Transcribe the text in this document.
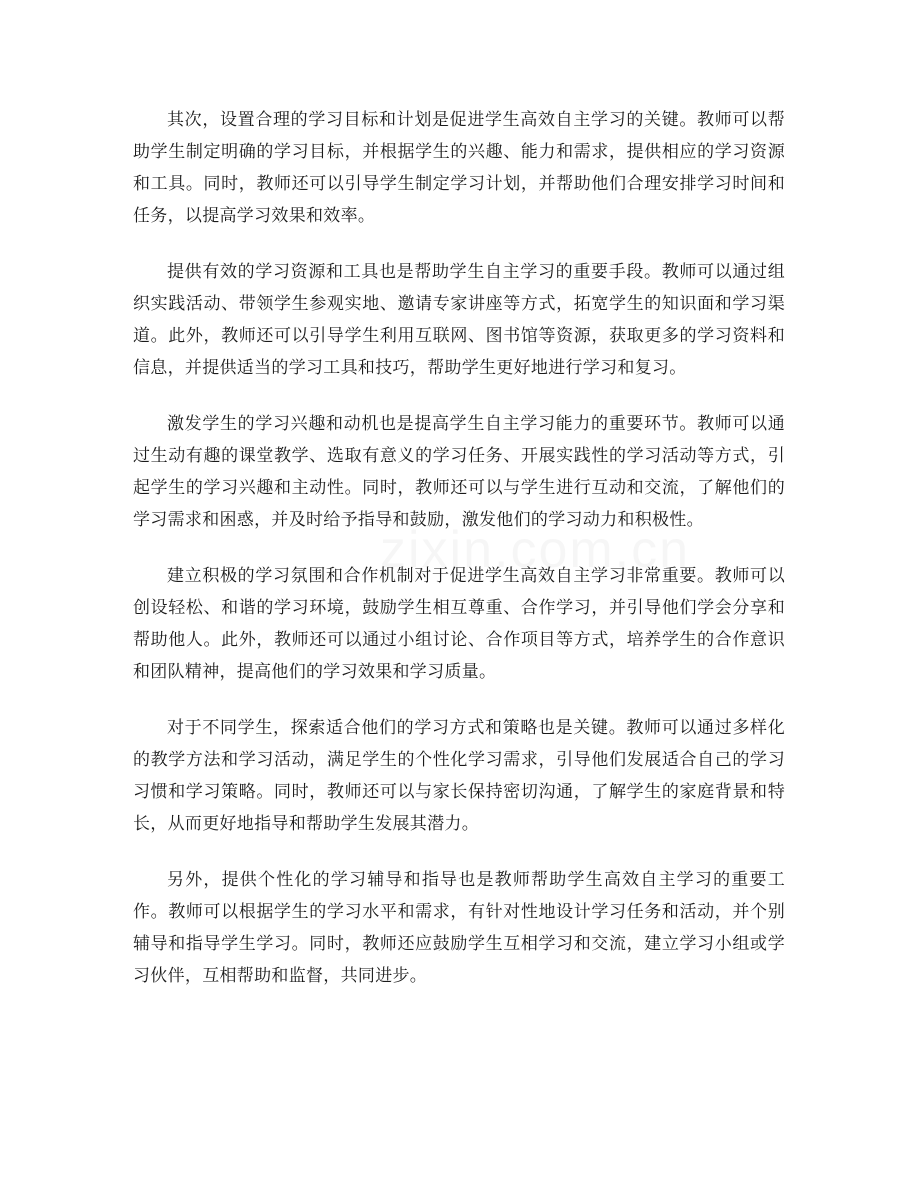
其次，设置合理的学习目标和计划是促进学生高效自主学习的关键。教师可以帮助学生制定明确的学习目标，并根据学生的兴趣、能力和需求，提供相应的学习资源和工具。同时，教师还可以引导学生制定学习计划，并帮助他们合理安排学习时间和任务，以提高学习效果和效率。

提供有效的学习资源和工具也是帮助学生自主学习的重要手段。教师可以通过组织实践活动、带领学生参观实地、邀请专家讲座等方式，拓宽学生的知识面和学习渠道。此外，教师还可以引导学生利用互联网、图书馆等资源，获取更多的学习资料和信息，并提供适当的学习工具和技巧，帮助学生更好地进行学习和复习。

激发学生的学习兴趣和动机也是提高学生自主学习能力的重要环节。教师可以通过生动有趣的课堂教学、选取有意义的学习任务、开展实践性的学习活动等方式，引起学生的学习兴趣和主动性。同时，教师还可以与学生进行互动和交流，了解他们的学习需求和困惑，并及时给予指导和鼓励，激发他们的学习动力和积极性。

建立积极的学习氛围和合作机制对于促进学生高效自主学习非常重要。教师可以创设轻松、和谐的学习环境，鼓励学生相互尊重、合作学习，并引导他们学会分享和帮助他人。此外，教师还可以通过小组讨论、合作项目等方式，培养学生的合作意识和团队精神，提高他们的学习效果和学习质量。

对于不同学生，探索适合他们的学习方式和策略也是关键。教师可以通过多样化的教学方法和学习活动，满足学生的个性化学习需求，引导他们发展适合自己的学习习惯和学习策略。同时，教师还可以与家长保持密切沟通，了解学生的家庭背景和特长，从而更好地指导和帮助学生发展其潜力。

另外，提供个性化的学习辅导和指导也是教师帮助学生高效自主学习的重要工作。教师可以根据学生的学习水平和需求，有针对性地设计学习任务和活动，并个别辅导和指导学生学习。同时，教师还应鼓励学生互相学习和交流，建立学习小组或学习伙伴，互相帮助和监督，共同进步。
